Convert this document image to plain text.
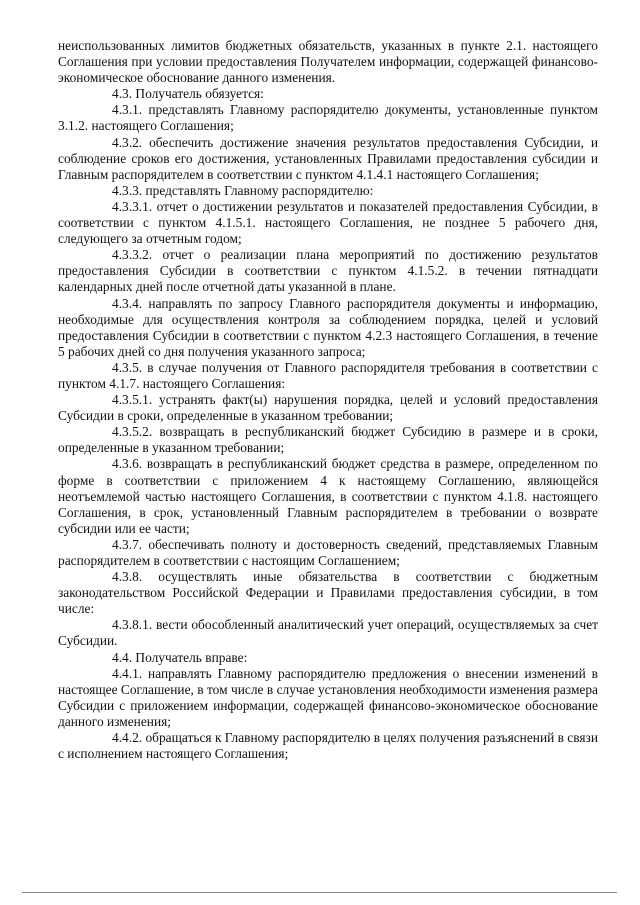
неиспользованных лимитов бюджетных обязательств, указанных в пункте 2.1. настоящего Соглашения при условии предоставления Получателем информации, содержащей финансово-экономическое обоснование данного изменения.

4.3. Получатель обязуется:

4.3.1. представлять Главному распорядителю документы, установленные пунктом 3.1.2. настоящего Соглашения;

4.3.2. обеспечить достижение значения результатов предоставления Субсидии, и соблюдение сроков его достижения, установленных Правилами предоставления субсидии и Главным распорядителем в соответствии с пунктом 4.1.4.1 настоящего Соглашения;

4.3.3. представлять Главному распорядителю:

4.3.3.1. отчет о достижении результатов и показателей предоставления Субсидии, в соответствии с пунктом 4.1.5.1. настоящего Соглашения, не позднее 5 рабочего дня, следующего за отчетным годом;

4.3.3.2. отчет о реализации плана мероприятий по достижению результатов предоставления Субсидии в соответствии с пунктом 4.1.5.2. в течении пятнадцати календарных дней после отчетной даты указанной в плане.

4.3.4. направлять по запросу Главного распорядителя документы и информацию, необходимые для осуществления контроля за соблюдением порядка, целей и условий предоставления Субсидии в соответствии с пунктом 4.2.3 настоящего Соглашения, в течение 5 рабочих дней со дня получения указанного запроса;

4.3.5. в случае получения от Главного распорядителя требования в соответствии с пунктом 4.1.7. настоящего Соглашения:

4.3.5.1. устранять факт(ы) нарушения порядка, целей и условий предоставления Субсидии в сроки, определенные в указанном требовании;

4.3.5.2. возвращать в республиканский бюджет Субсидию в размере и в сроки, определенные в указанном требовании;

4.3.6. возвращать в республиканский бюджет средства в размере, определенном по форме в соответствии с приложением 4 к настоящему Соглашению, являющейся неотъемлемой частью настоящего Соглашения, в соответствии с пунктом 4.1.8. настоящего Соглашения, в срок, установленный Главным распорядителем в требовании о возврате субсидии или ее части;

4.3.7. обеспечивать полноту и достоверность сведений, представляемых Главным распорядителем в соответствии с настоящим Соглашением;

4.3.8. осуществлять иные обязательства в соответствии с бюджетным законодательством Российской Федерации и Правилами предоставления субсидии, в том числе:

4.3.8.1. вести обособленный аналитический учет операций, осуществляемых за счет Субсидии.

4.4. Получатель вправе:

4.4.1. направлять Главному распорядителю предложения о внесении изменений в настоящее Соглашение, в том числе в случае установления необходимости изменения размера Субсидии с приложением информации, содержащей финансово-экономическое обоснование данного изменения;

4.4.2. обращаться к Главному распорядителю в целях получения разъяснений в связи с исполнением настоящего Соглашения;
